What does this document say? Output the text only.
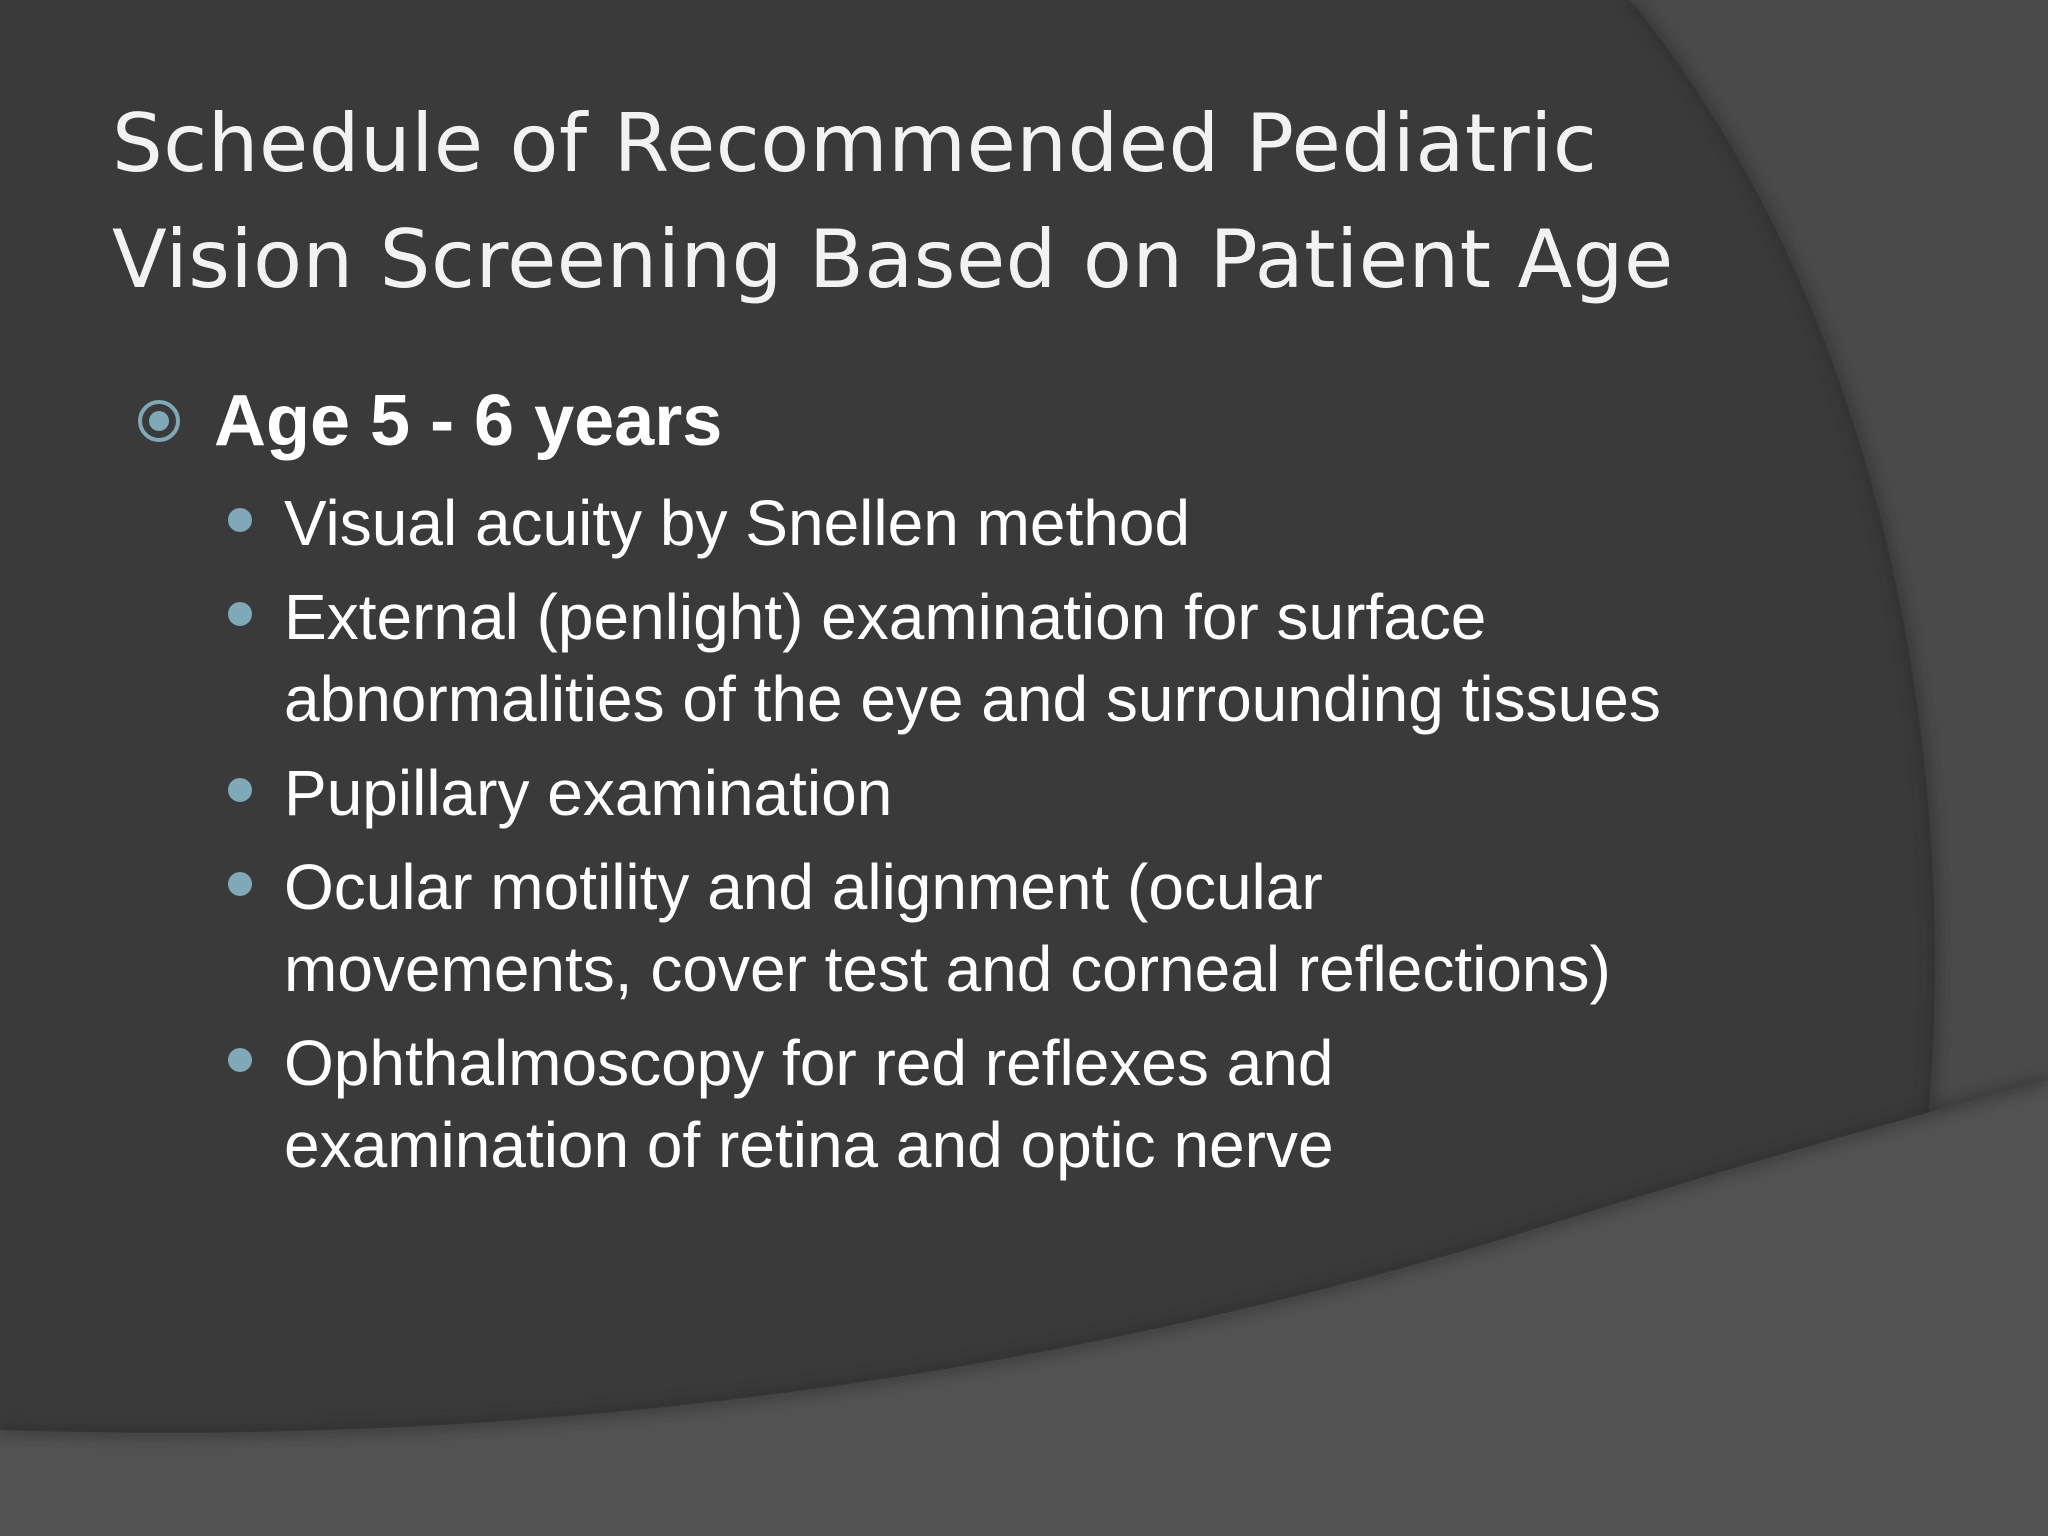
Schedule of Recommended Pediatric
Vision Screening Based on Patient Age
Age 5 - 6 years
Visual acuity by Snellen method
External (penlight) examination for surface
abnormalities of the eye and surrounding tissues
Pupillary examination
Ocular motility and alignment (ocular
movements, cover test and corneal reflections)
Ophthalmoscopy for red reflexes and
examination of retina and optic nerve
